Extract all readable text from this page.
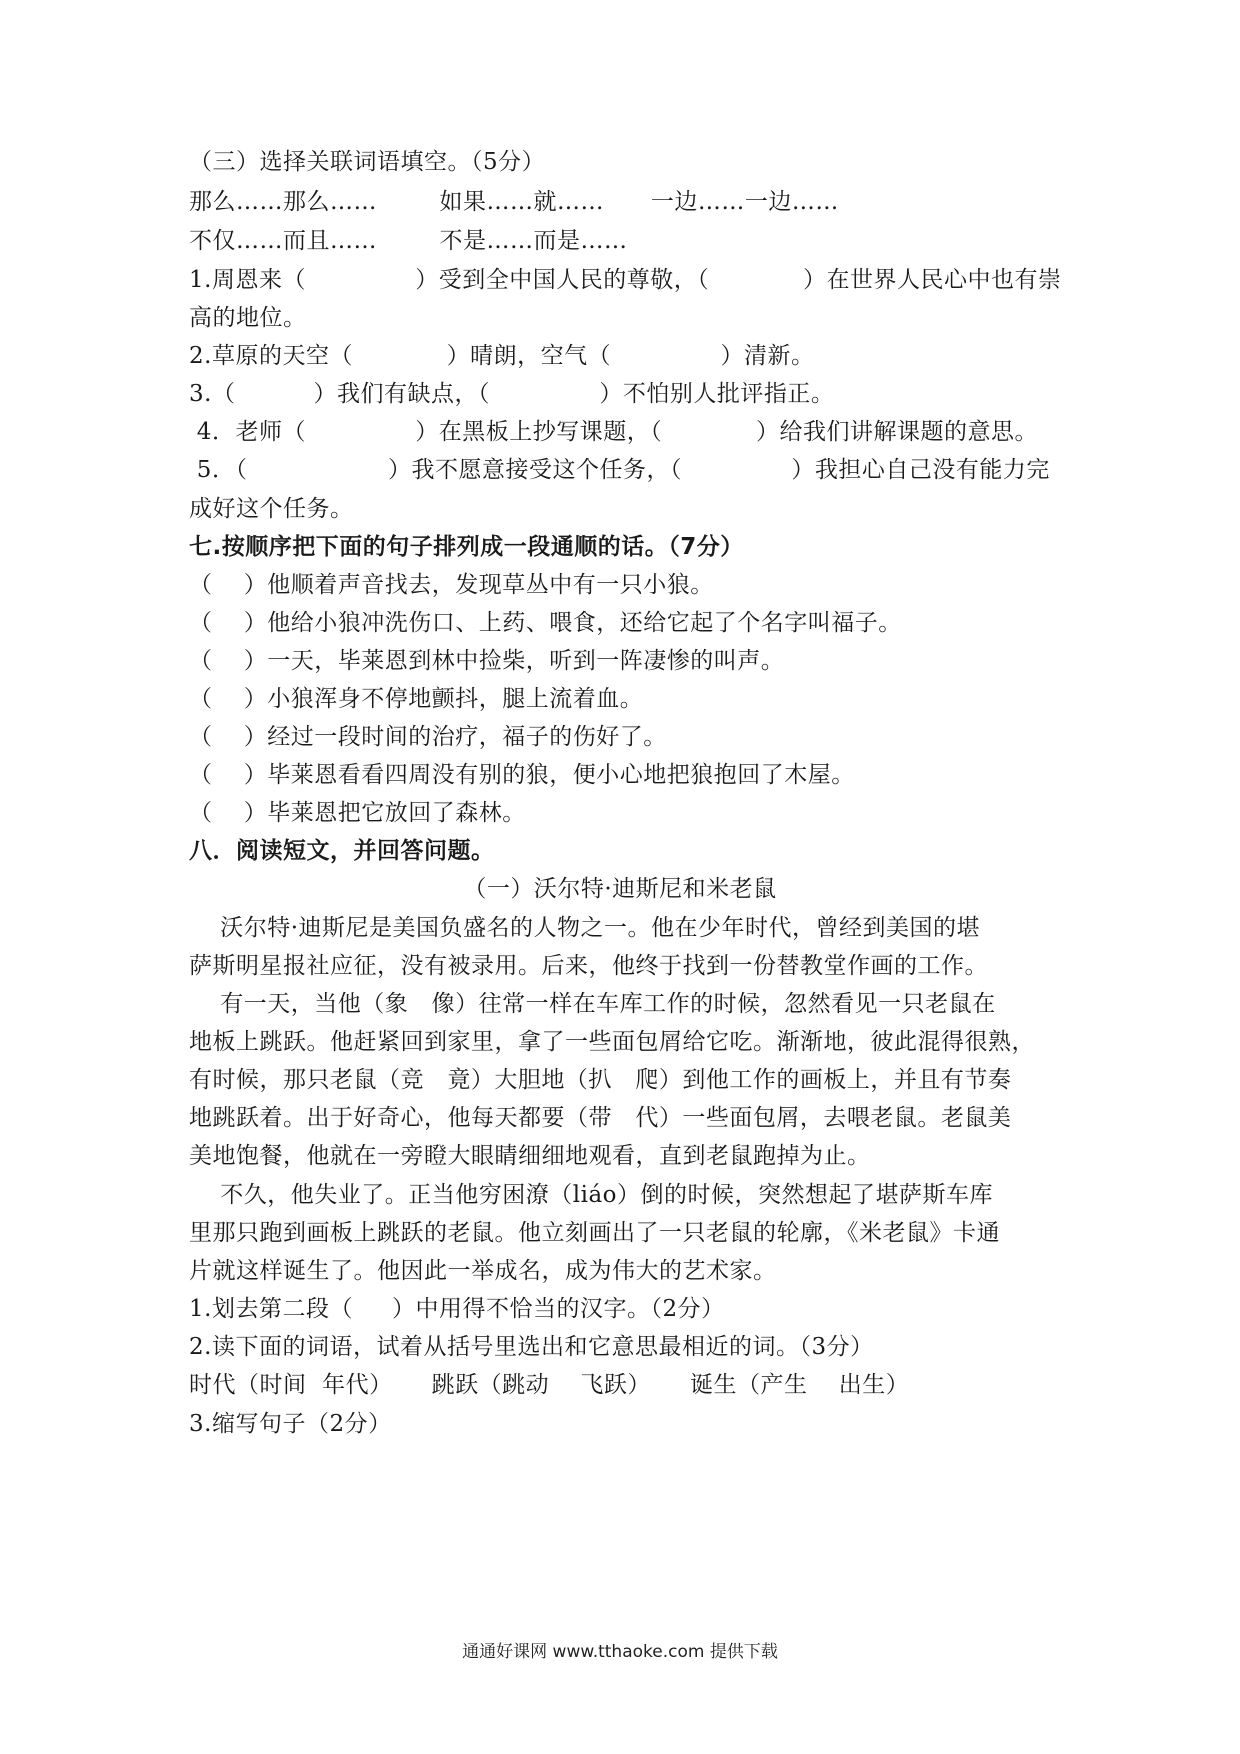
（三）选择关联词语填空。（5分）
那么……那么……        如果……就……      一边……一边……
不仅……而且……        不是……而是……
1.周恩来（              ）受到全中国人民的尊敬，（            ）在世界人民心中也有崇
高的地位。
2.草原的天空（            ）晴朗，空气（              ）清新。
3.（          ）我们有缺点，（              ）不怕别人批评指正。
4．老师（              ）在黑板上抄写课题，（            ）给我们讲解课题的意思。
5．（                  ）我不愿意接受这个任务，（              ）我担心自己没有能力完
成好这个任务。
七.按顺序把下面的句子排列成一段通顺的话。（7分）
（    ）他顺着声音找去，发现草丛中有一只小狼。
（    ）他给小狼冲洗伤口、上药、喂食，还给它起了个名字叫福子。
（    ）一天，毕莱恩到林中捡柴，听到一阵凄惨的叫声。
（    ）小狼浑身不停地颤抖，腿上流着血。
（    ）经过一段时间的治疗，福子的伤好了。
（    ）毕莱恩看看四周没有别的狼，便小心地把狼抱回了木屋。
（    ）毕莱恩把它放回了森林。
八．阅读短文，并回答问题。
（一）沃尔特·迪斯尼和米老鼠
沃尔特·迪斯尼是美国负盛名的人物之一。他在少年时代，曾经到美国的堪
萨斯明星报社应征，没有被录用。后来，他终于找到一份替教堂作画的工作。
有一天，当他（象   像）往常一样在车库工作的时候，忽然看见一只老鼠在
地板上跳跃。他赶紧回到家里，拿了一些面包屑给它吃。渐渐地，彼此混得很熟，
有时候，那只老鼠（竞   竟）大胆地（扒   爬）到他工作的画板上，并且有节奏
地跳跃着。出于好奇心，他每天都要（带   代）一些面包屑，去喂老鼠。老鼠美
美地饱餐，他就在一旁瞪大眼睛细细地观看，直到老鼠跑掉为止。
不久，他失业了。正当他穷困潦（liáo）倒的时候，突然想起了堪萨斯车库
里那只跑到画板上跳跃的老鼠。他立刻画出了一只老鼠的轮廓，《米老鼠》卡通
片就这样诞生了。他因此一举成名，成为伟大的艺术家。
1.划去第二段（     ）中用得不恰当的汉字。（2分）
2.读下面的词语，试着从括号里选出和它意思最相近的词。（3分）
时代（时间  年代）     跳跃（跳动    飞跃）     诞生（产生    出生）
3.缩写句子（2分）
通通好课网 www.tthaoke.com 提供下载
